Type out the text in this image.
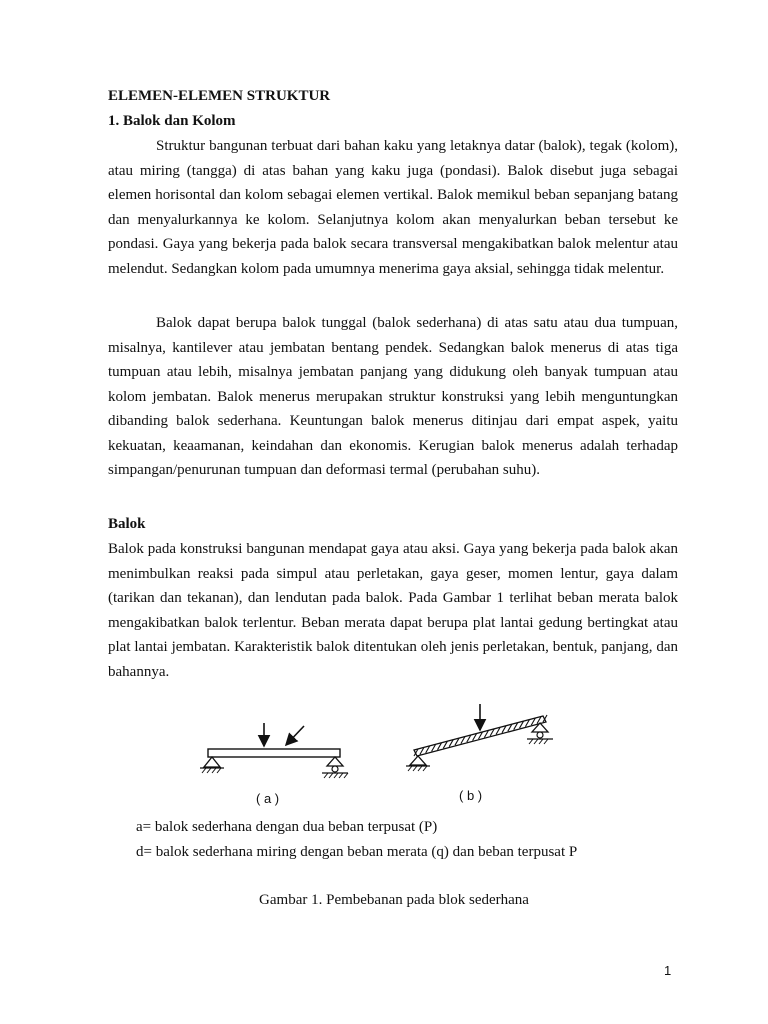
ELEMEN-ELEMEN STRUKTUR
1. Balok dan Kolom

Struktur bangunan terbuat dari bahan kaku yang letaknya datar (balok), tegak (kolom), atau miring (tangga) di atas bahan yang kaku juga (pondasi). Balok disebut juga sebagai elemen horisontal dan kolom sebagai elemen vertikal. Balok memikul beban sepanjang batang dan menyalurkannya ke kolom. Selanjutnya kolom akan menyalurkan beban tersebut ke pondasi. Gaya yang bekerja pada balok secara transversal mengakibatkan balok melentur atau melendut. Sedangkan kolom pada umumnya menerima gaya aksial, sehingga tidak melentur.

Balok dapat berupa balok tunggal (balok sederhana) di atas satu atau dua tumpuan, misalnya, kantilever atau jembatan bentang pendek. Sedangkan balok menerus di atas tiga tumpuan atau lebih, misalnya jembatan panjang yang didukung oleh banyak tumpuan atau kolom jembatan. Balok menerus merupakan struktur konstruksi yang lebih menguntungkan dibanding balok sederhana. Keuntungan balok menerus ditinjau dari empat aspek, yaitu kekuatan, keaamanan, keindahan dan ekonomis. Kerugian balok menerus adalah terhadap simpangan/penurunan tumpuan dan deformasi termal (perubahan suhu).

Balok

Balok pada konstruksi bangunan mendapat gaya atau aksi. Gaya yang bekerja pada balok akan menimbulkan reaksi pada simpul atau perletakan, gaya geser, momen lentur, gaya dalam (tarikan dan tekanan), dan lendutan pada balok. Pada Gambar 1 terlihat beban merata balok mengakibatkan balok terlentur. Beban merata dapat berupa plat lantai gedung bertingkat atau plat lantai jembatan. Karakteristik balok ditentukan oleh jenis perletakan, bentuk, panjang, dan bahannya.

( a )	( b )
a= balok sederhana dengan dua beban terpusat (P)
d= balok sederhana miring dengan beban merata (q) dan beban terpusat P
Gambar 1. Pembebanan pada blok sederhana
1
